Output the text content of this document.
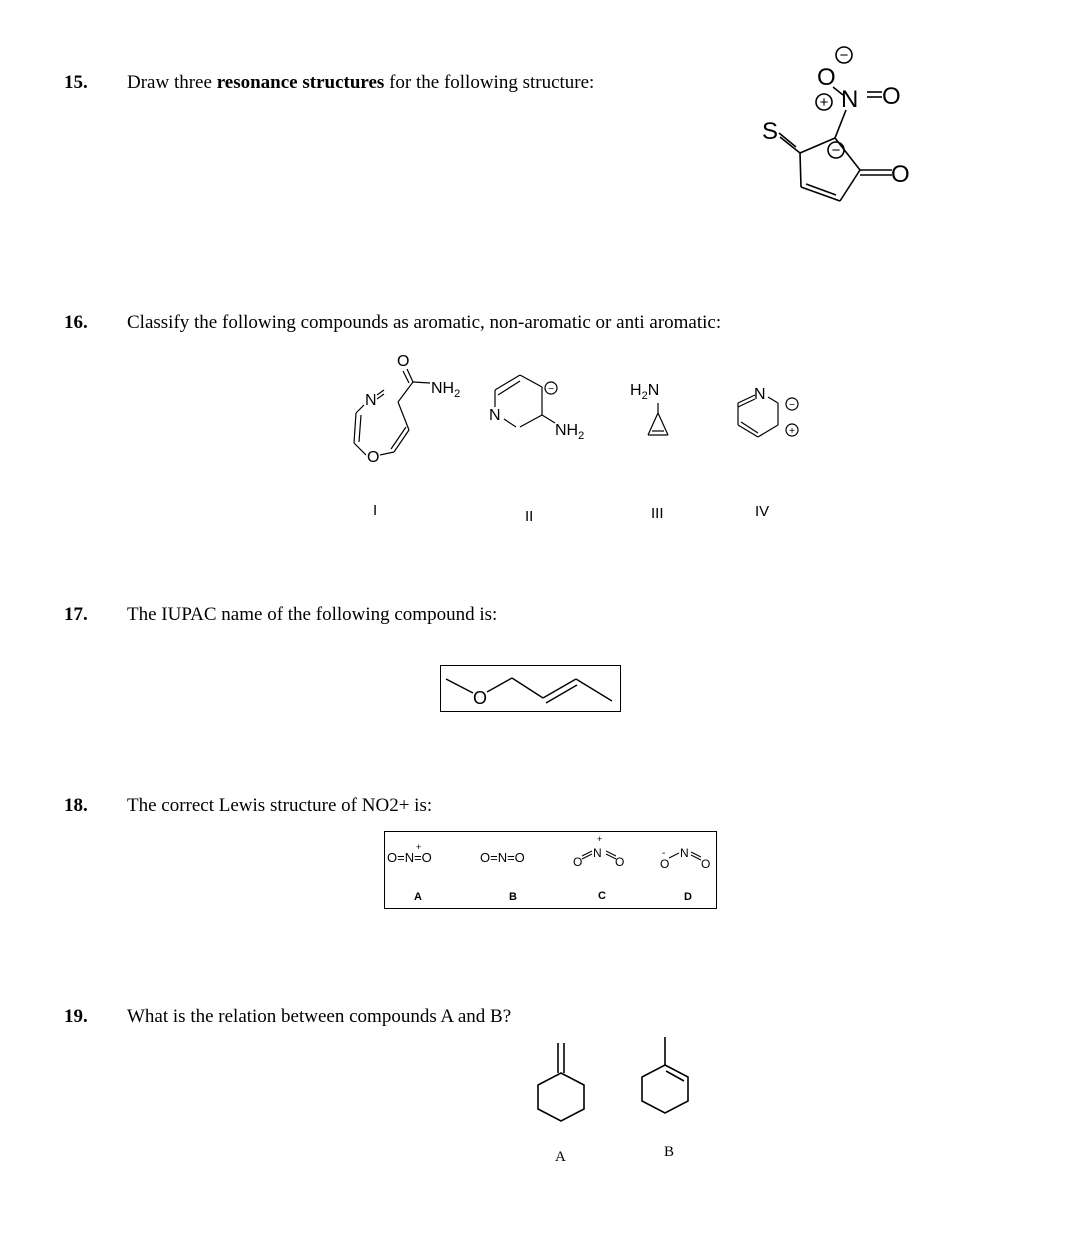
15. Draw three resonance structures for the following structure:
S
O
N O
O
−
+
−
16. Classify the following compounds as aromatic, non-aromatic or anti aromatic:
O
N
O
$NH_2$
N
$NH_2$
−	$H_2N$	N
−
+
I	II	III	IV
17. The IUPAC name of the following compound is:
O
18. The correct Lewis structure of NO2+ is:
O=N=O
+
O=N=O	O
N
O
+
O
N
O
-
A	B	C	D
19. What is the relation between compounds A and B?
A	B
